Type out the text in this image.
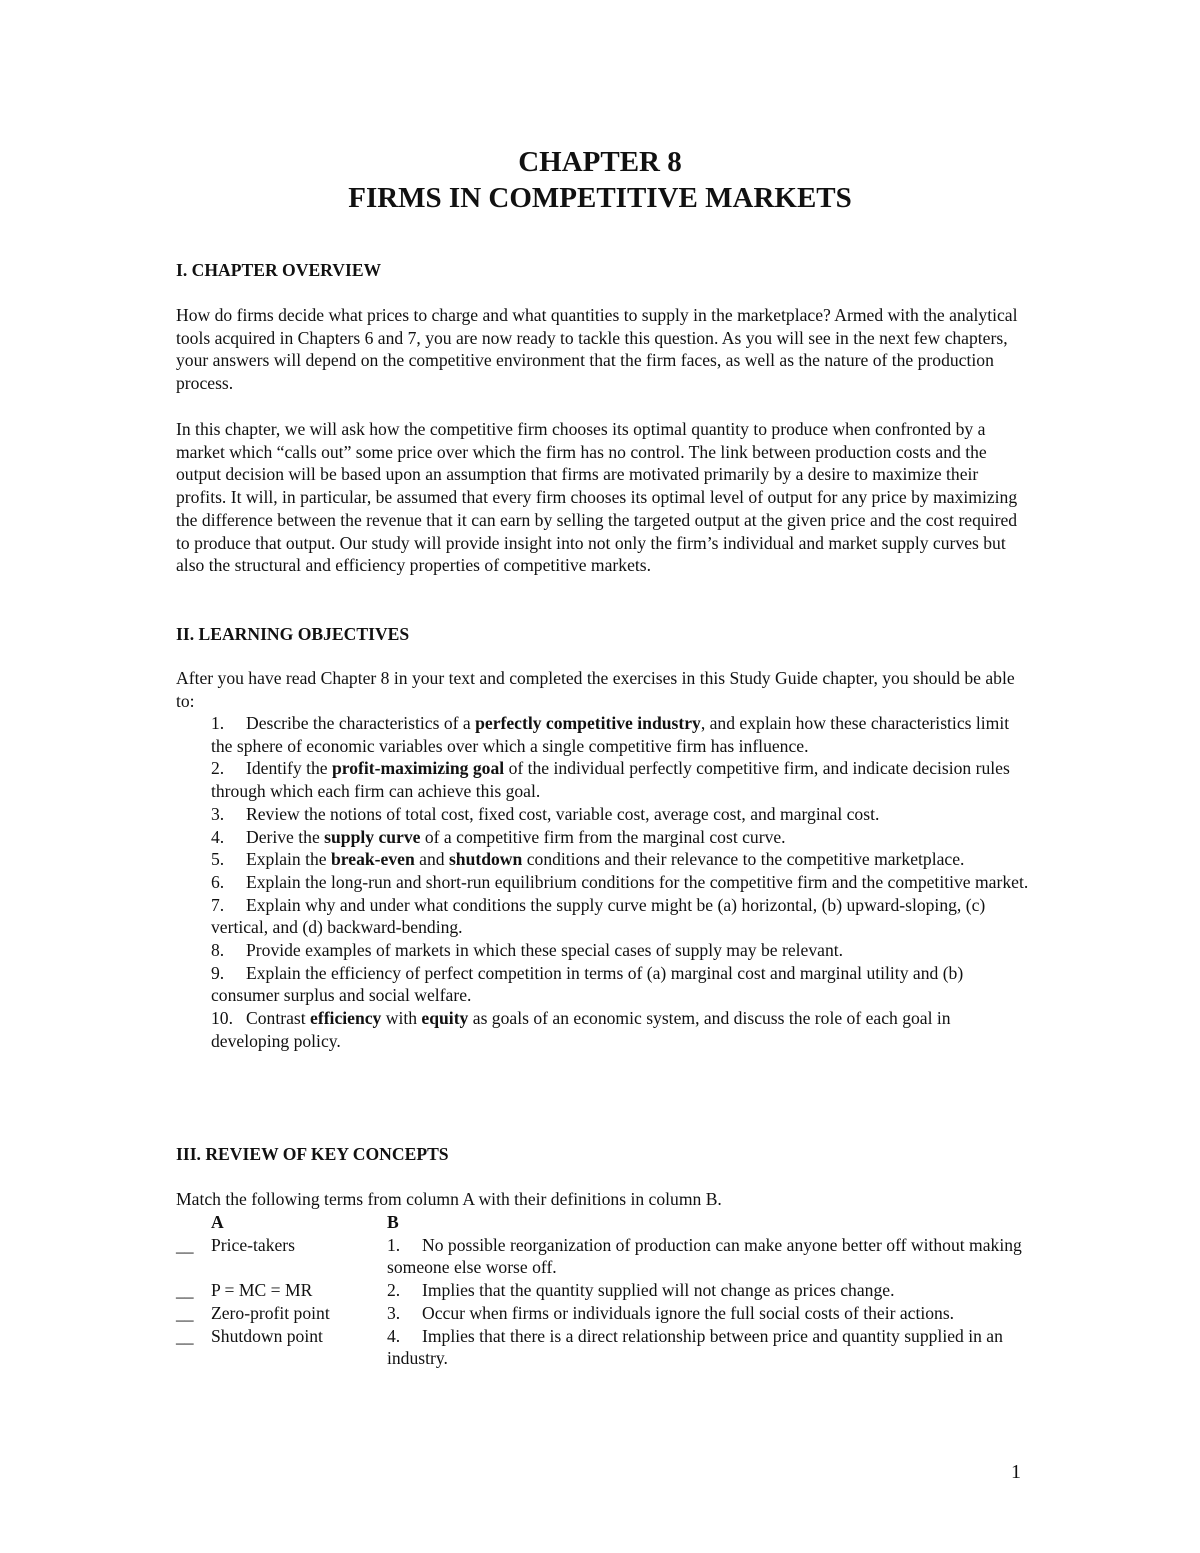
CHAPTER 8
FIRMS IN COMPETITIVE MARKETS
I. CHAPTER OVERVIEW

How do firms decide what prices to charge and what quantities to supply in the marketplace? Armed with the analytical tools acquired in Chapters 6 and 7, you are now ready to tackle this question. As you will see in the next few chapters, your answers will depend on the competitive environment that the firm faces, as well as the nature of the production process.

In this chapter, we will ask how the competitive firm chooses its optimal quantity to produce when confronted by a market which “calls out” some price over which the firm has no control. The link between production costs and the output decision will be based upon an assumption that firms are motivated primarily by a desire to maximize their profits. It will, in particular, be assumed that every firm chooses its optimal level of output for any price by maximizing the difference between the revenue that it can earn by selling the targeted output at the given price and the cost required to produce that output. Our study will provide insight into not only the firm’s individual and market supply curves but also the structural and efficiency properties of competitive markets.

II. LEARNING OBJECTIVES

After you have read Chapter 8 in your text and completed the exercises in this Study Guide chapter, you should be able to:

1. Describe the characteristics of a perfectly competitive industry, and explain how these characteristics limit the sphere of economic variables over which a single competitive firm has influence.
2. Identify the profit-maximizing goal of the individual perfectly competitive firm, and indicate decision rules through which each firm can achieve this goal.
3. Review the notions of total cost, fixed cost, variable cost, average cost, and marginal cost.
4. Derive the supply curve of a competitive firm from the marginal cost curve.
5. Explain the break-even and shutdown conditions and their relevance to the competitive marketplace.
6. Explain the long-run and short-run equilibrium conditions for the competitive firm and the competitive market.
7. Explain why and under what conditions the supply curve might be (a) horizontal, (b) upward-sloping, (c) vertical, and (d) backward-bending.
8. Provide examples of markets in which these special cases of supply may be relevant.
9. Explain the efficiency of perfect competition in terms of (a) marginal cost and marginal utility and (b) consumer surplus and social welfare.
10. Contrast efficiency with equity as goals of an economic system, and discuss the role of each goal in developing policy.
III. REVIEW OF KEY CONCEPTS

Match the following terms from column A with their definitions in column B.

A	B
__ Price-takers	1. No possible reorganization of production can make anyone better off without making someone else worse off.
__ P = MC = MR	2. Implies that the quantity supplied will not change as prices change.
__ Zero-profit point	3. Occur when firms or individuals ignore the full social costs of their actions.
__ Shutdown point	4. Implies that there is a direct relationship between price and quantity supplied in an industry.
1
